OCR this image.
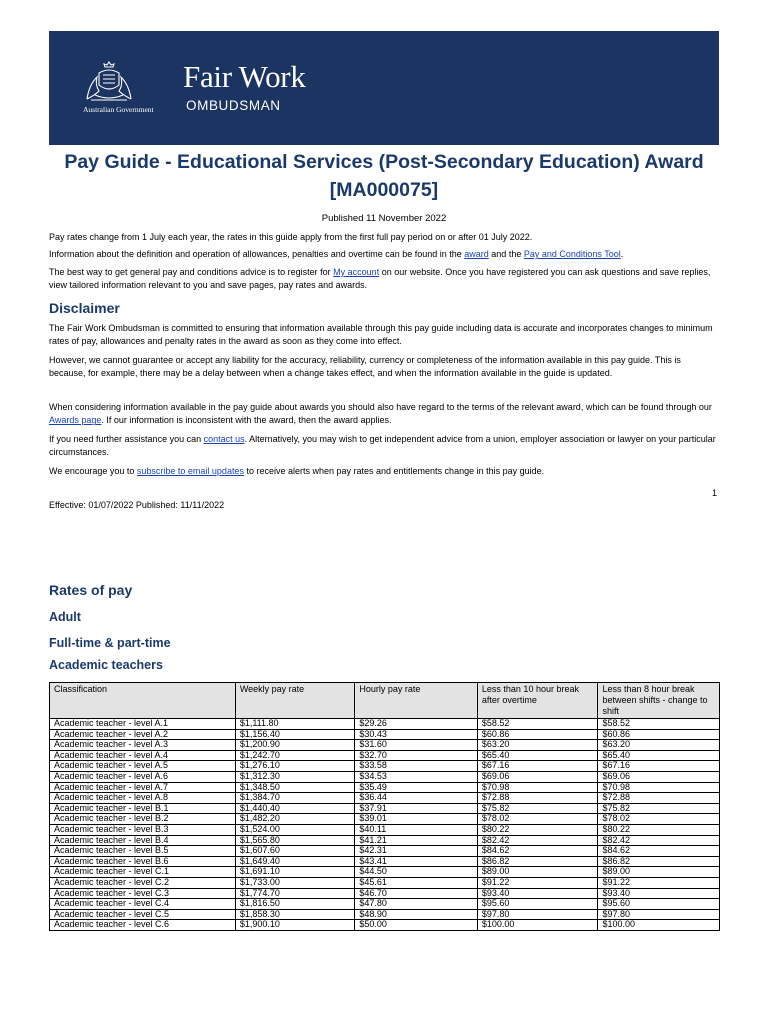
Australian Government
Fair Work
OMBUDSMAN
Pay Guide - Educational Services (Post-Secondary Education) Award [MA000075]
Published 11 November 2022

Pay rates change from 1 July each year, the rates in this guide apply from the first full pay period on or after 01 July 2022.

Information about the definition and operation of allowances, penalties and overtime can be found in the award and the Pay and Conditions Tool.

The best way to get general pay and conditions advice is to register for My account on our website. Once you have registered you can ask questions and save replies, view tailored information relevant to you and save pages, pay rates and awards.

Disclaimer

The Fair Work Ombudsman is committed to ensuring that information available through this pay guide including data is accurate and incorporates changes to minimum rates of pay, allowances and penalty rates in the award as soon as they come into effect.

However, we cannot guarantee or accept any liability for the accuracy, reliability, currency or completeness of the information available in this pay guide. This is because, for example, there may be a delay between when a change takes effect, and when the information available in the guide is updated.

When considering information available in the pay guide about awards you should also have regard to the terms of the relevant award, which can be found through our Awards page. If our information is inconsistent with the award, then the award applies.

If you need further assistance you can contact us. Alternatively, you may wish to get independent advice from a union, employer association or lawyer on your particular circumstances.

We encourage you to subscribe to email updates to receive alerts when pay rates and entitlements change in this pay guide.

1
Effective: 01/07/2022 Published: 11/11/2022
Rates of pay
Adult
Full-time & part-time
Academic teachers
Classification	Weekly pay rate	Hourly pay rate	Less than 10 hour break after overtime	Less than 8 hour break between shifts - change to shift
Academic teacher - level A.1	$1,111.80	$29.26	$58.52	$58.52
Academic teacher - level A.2	$1,156.40	$30.43	$60.86	$60.86
Academic teacher - level A.3	$1,200.90	$31.60	$63.20	$63.20
Academic teacher - level A.4	$1,242.70	$32.70	$65.40	$65.40
Academic teacher - level A.5	$1,276.10	$33.58	$67.16	$67.16
Academic teacher - level A.6	$1,312.30	$34.53	$69.06	$69.06
Academic teacher - level A.7	$1,348.50	$35.49	$70.98	$70.98
Academic teacher - level A.8	$1,384.70	$36.44	$72.88	$72.88
Academic teacher - level B.1	$1,440.40	$37.91	$75.82	$75.82
Academic teacher - level B.2	$1,482.20	$39.01	$78.02	$78.02
Academic teacher - level B.3	$1,524.00	$40.11	$80.22	$80.22
Academic teacher - level B.4	$1,565.80	$41.21	$82.42	$82.42
Academic teacher - level B.5	$1,607.60	$42.31	$84.62	$84.62
Academic teacher - level B.6	$1,649.40	$43.41	$86.82	$86.82
Academic teacher - level C.1	$1,691.10	$44.50	$89.00	$89.00
Academic teacher - level C.2	$1,733.00	$45.61	$91.22	$91.22
Academic teacher - level C.3	$1,774.70	$46.70	$93.40	$93.40
Academic teacher - level C.4	$1,816.50	$47.80	$95.60	$95.60
Academic teacher - level C.5	$1,858.30	$48.90	$97.80	$97.80
Academic teacher - level C.6	$1,900.10	$50.00	$100.00	$100.00
